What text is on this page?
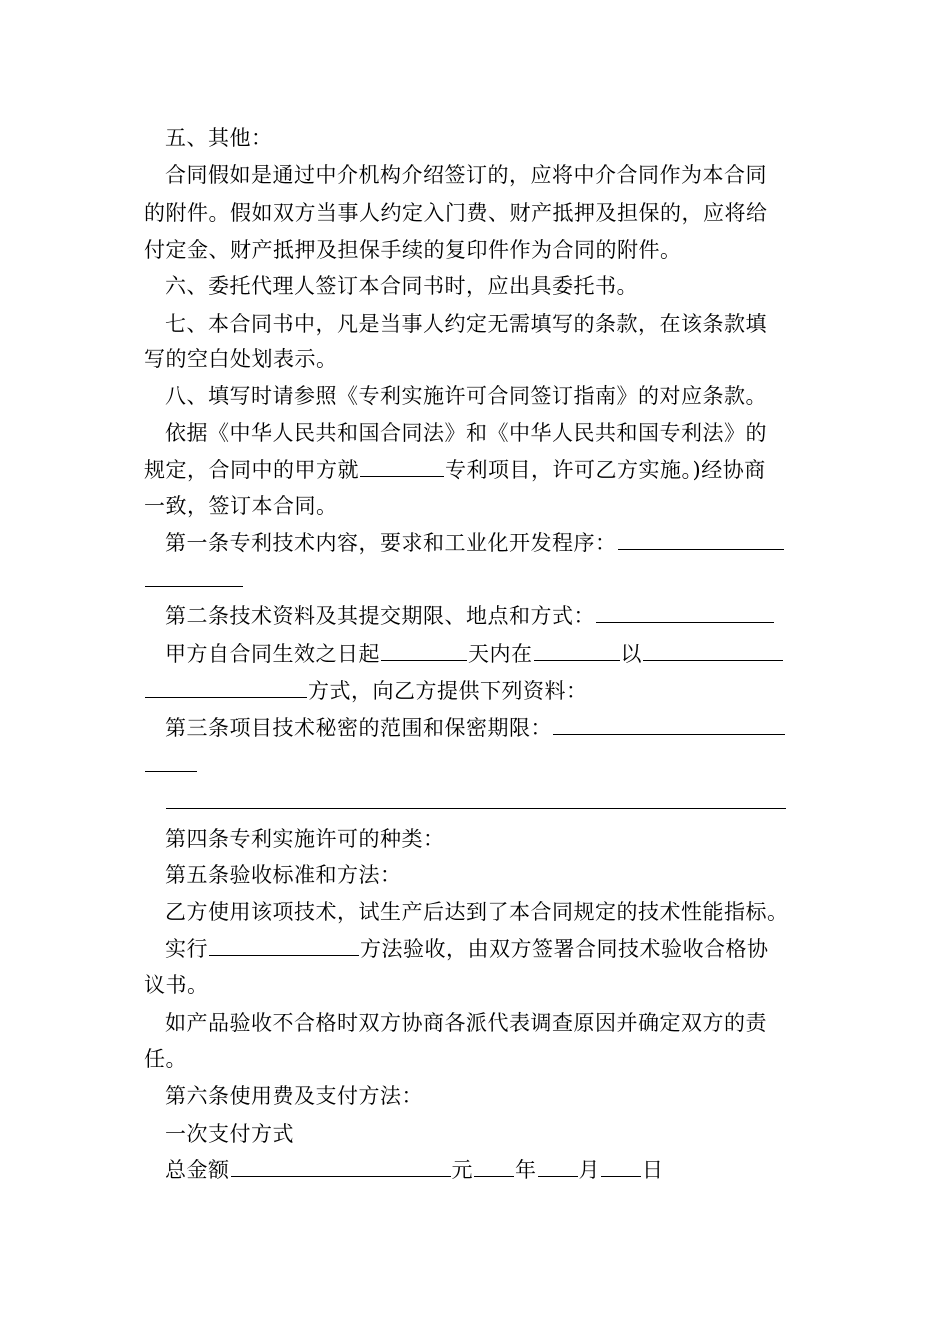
五、其他：
合同假如是通过中介机构介绍签订的，应将中介合同作为本合同
的附件。假如双方当事人约定入门费、财产抵押及担保的，应将给
付定金、财产抵押及担保手续的复印件作为合同的附件。
六、委托代理人签订本合同书时，应出具委托书。
七、本合同书中，凡是当事人约定无需填写的条款，在该条款填
写的空白处划表示。
八、填写时请参照《专利实施许可合同签订指南》的对应条款。
依据《中华人民共和国合同法》和《中华人民共和国专利法》的
规定，合同中的甲方就	专利项目，许可乙方实施。)经协商
一致，签订本合同。
第一条专利技术内容，要求和工业化开发程序：
第二条技术资料及其提交期限、地点和方式：
甲方自合同生效之日起	天内在	以
方式，向乙方提供下列资料：
第三条项目技术秘密的范围和保密期限：
第四条专利实施许可的种类：
第五条验收标准和方法：
乙方使用该项技术，试生产后达到了本合同规定的技术性能指标。
实行	方法验收，由双方签署合同技术验收合格协
议书。
如产品验收不合格时双方协商各派代表调查原因并确定双方的责
任。
第六条使用费及支付方法：
一次支付方式
总金额	元 年 月 日
